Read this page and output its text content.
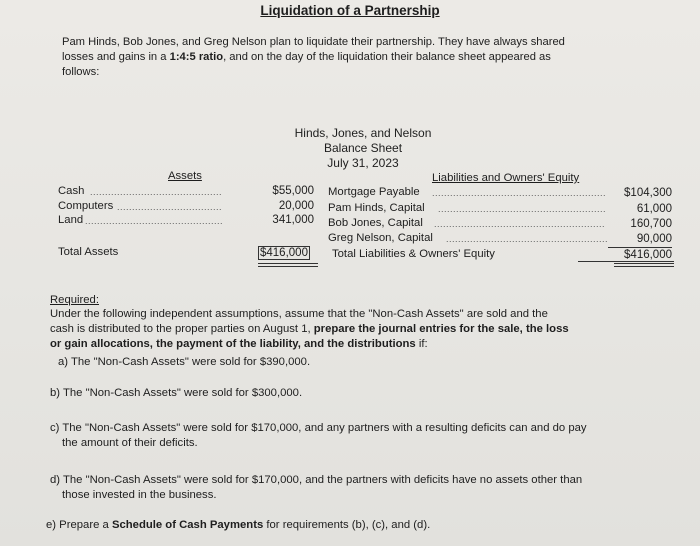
Liquidation of a Partnership
Pam Hinds, Bob Jones, and Greg Nelson plan to liquidate their partnership. They have always shared
losses and gains in a 1:4:5 ratio, and on the day of the liquidation their balance sheet appeared as
follows:
Hinds, Jones, and Nelson
Balance Sheet
July 31, 2023
Assets	Liabilities and Owners' Equity
Cash ............................................	$55,000
Computers ...................................	20,000
Land ..............................................	341,000
Total Assets	$416,000
Mortgage Payable ..........................................................	$104,300
Pam Hinds, Capital ........................................................	61,000
Bob Jones, Capital .........................................................	160,700
Greg Nelson, Capital ......................................................	90,000
Total Liabilities & Owners' Equity	$416,000
Required:
Under the following independent assumptions, assume that the "Non-Cash Assets" are sold and the
cash is distributed to the proper parties on August 1, prepare the journal entries for the sale, the loss
or gain allocations, the payment of the liability, and the distributions if:
a) The "Non-Cash Assets" were sold for $390,000.
b) The "Non-Cash Assets" were sold for $300,000.
c) The "Non-Cash Assets" were sold for $170,000, and any partners with a resulting deficits can and do pay
the amount of their deficits.
d) The "Non-Cash Assets" were sold for $170,000, and the partners with deficits have no assets other than
those invested in the business.
e) Prepare a Schedule of Cash Payments for requirements (b), (c), and (d).
